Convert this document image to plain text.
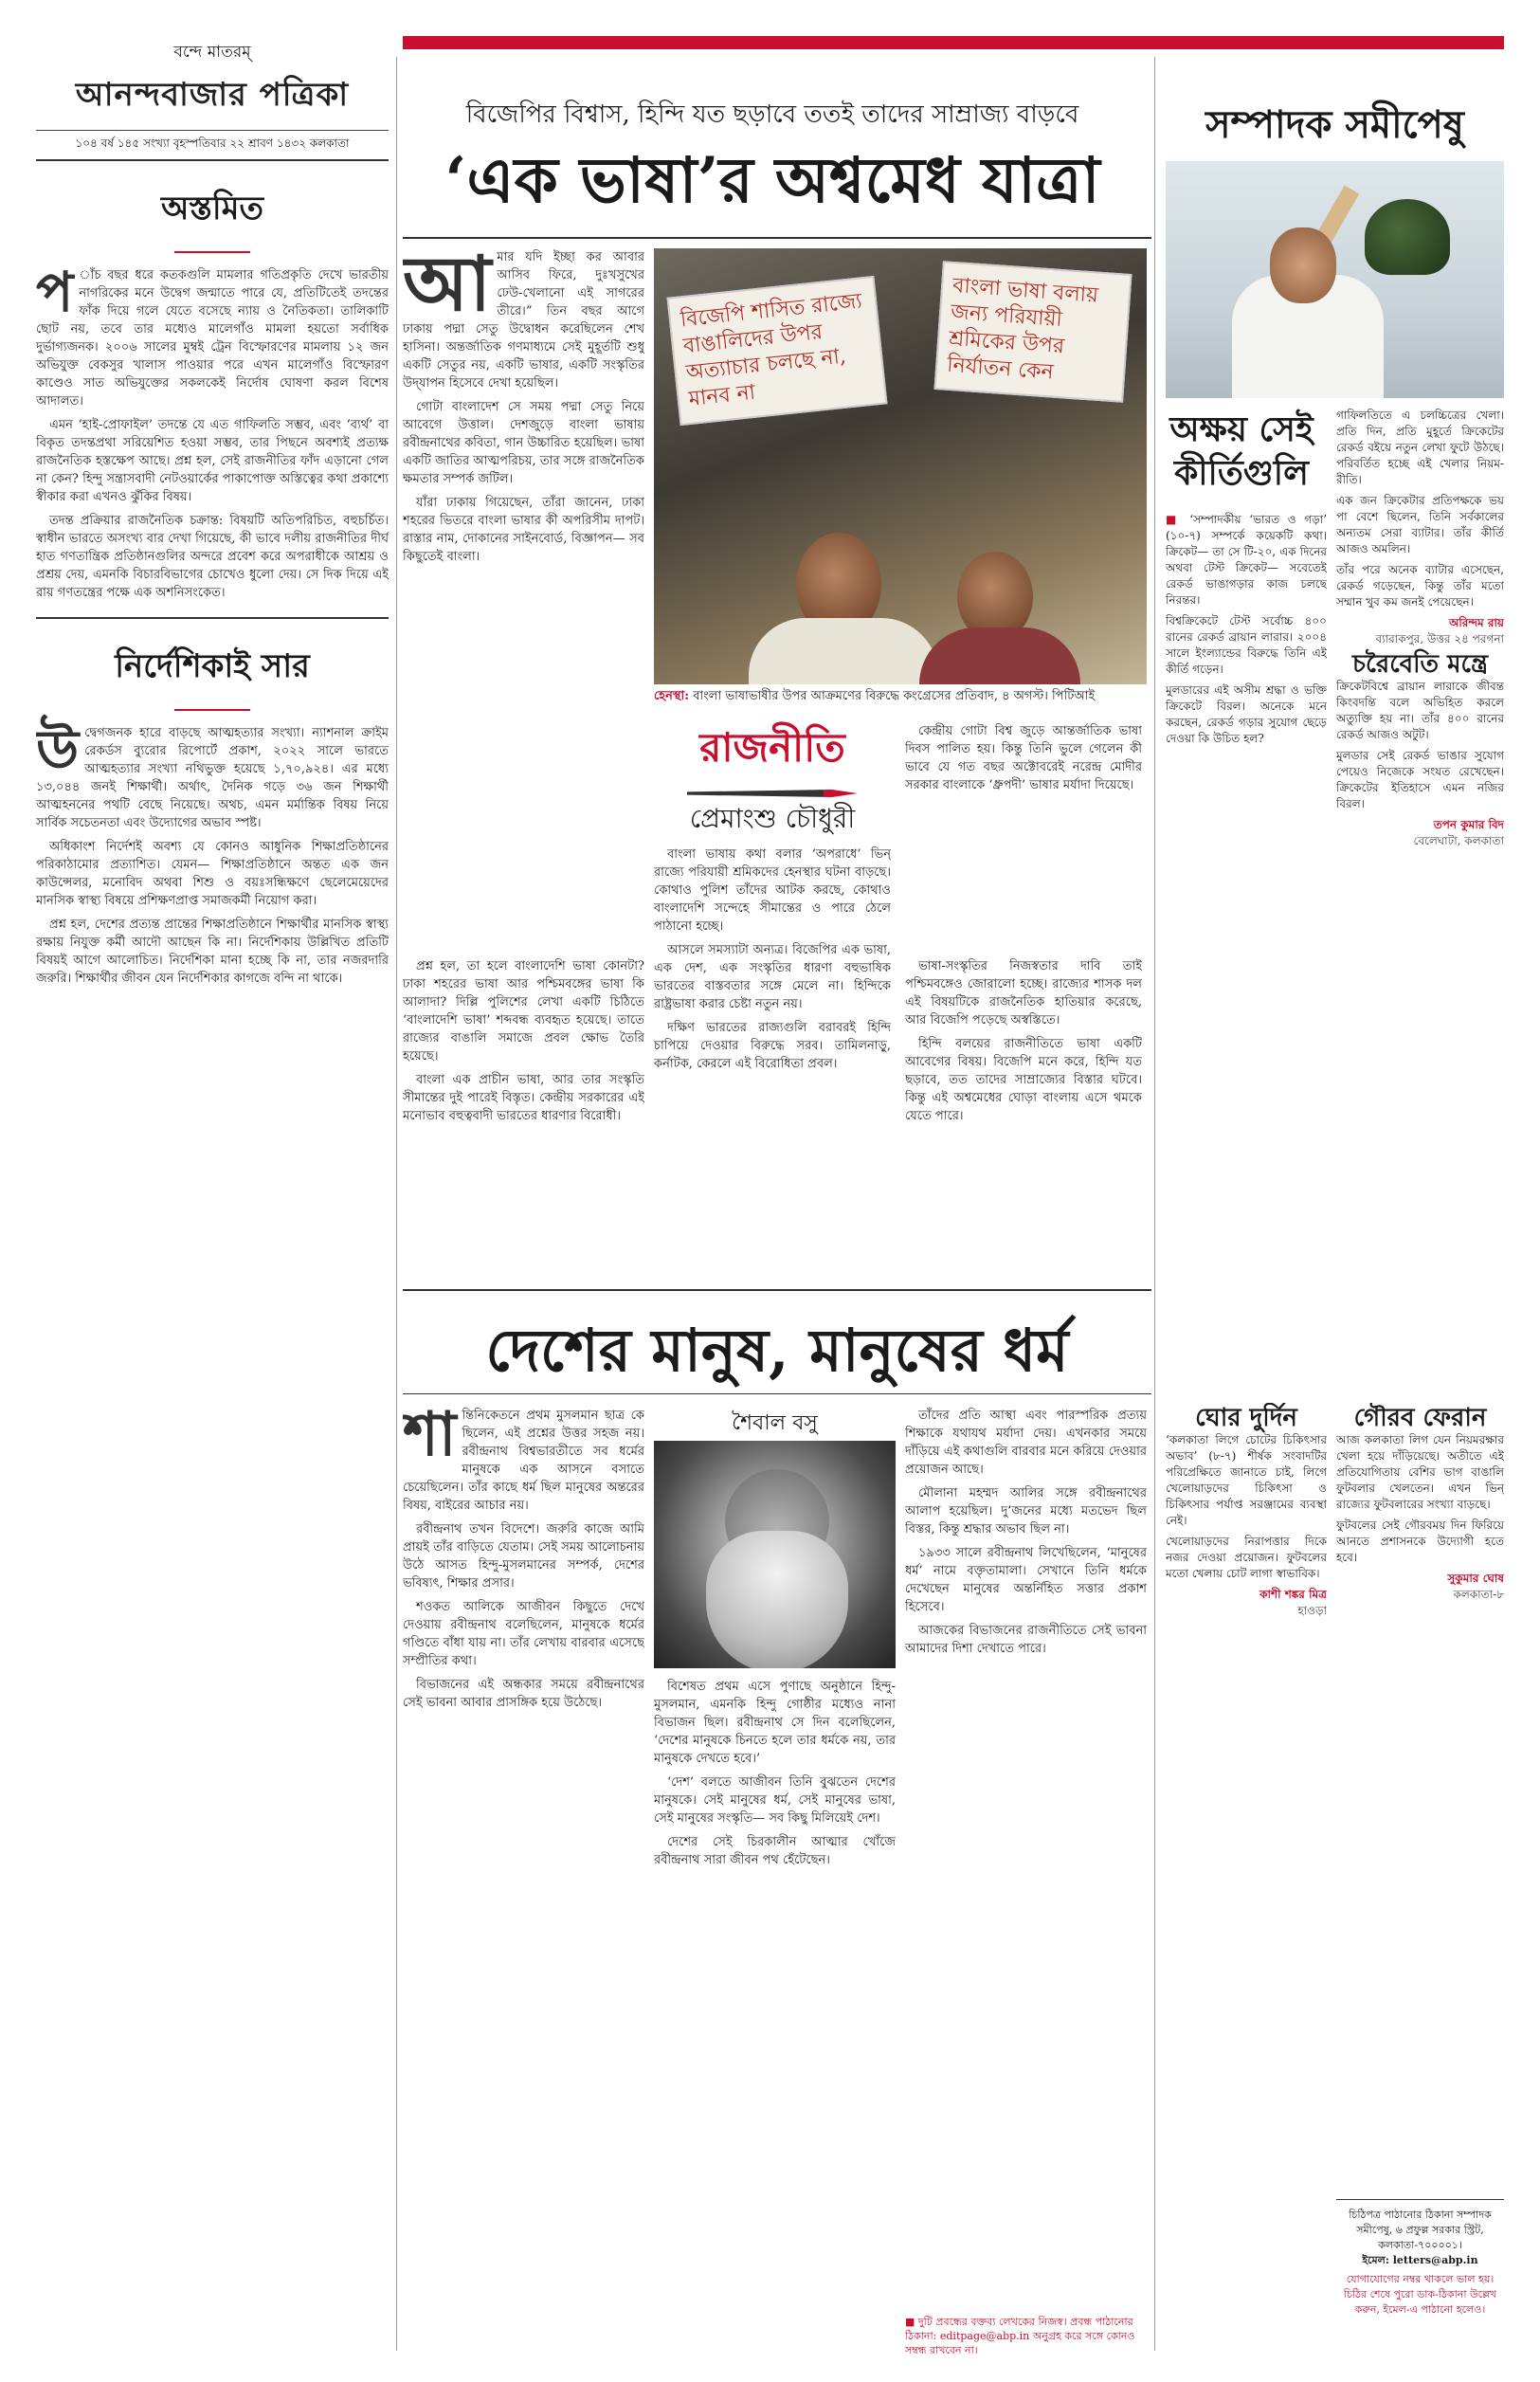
বন্দে মাতরম্
আনন্দবাজার পত্রিকা
১০৪ বর্ষ ১৪৫ সংখ্যা বৃহস্পতিবার ২২ শ্রাবণ ১৪৩২ কলকাতা
অস্তমিত
প াঁচ বছর ধরে কতকগুলি মামলার গতিপ্রকৃতি দেখে ভারতীয় নাগরিকের মনে উদ্বেগ জন্মাতে পারে যে, প্রতিটিতেই তদন্তের ফাঁক দিয়ে গলে যেতে বসেছে ন্যায় ও নৈতিকতা। তালিকাটি ছোট নয়, তবে তার মধ্যেও মালেগাঁও মামলা হয়তো সর্বাধিক দুর্ভাগ্যজনক। ২০০৬ সালের মুম্বই ট্রেন বিস্ফোরণের মামলায় ১২ জন অভিযুক্ত বেকসুর খালাস পাওয়ার পরে এখন মালেগাঁও বিস্ফোরণ কাণ্ডেও সাত অভিযুক্তের সকলকেই নির্দোষ ঘোষণা করল বিশেষ আদালত।

এমন ‘হাই-প্রোফাইল’ তদন্তে যে এত গাফিলতি সম্ভব, এবং ‘ব্যর্থ’ বা বিকৃত তদন্তপ্রথা সরিয়েশিত হওয়া সম্ভব, তার পিছনে অবশ্যই প্রত্যক্ষ রাজনৈতিক হস্তক্ষেপ আছে। প্রশ্ন হল, সেই রাজনীতির ফাঁদ এড়ানো গেল না কেন? হিন্দু সন্ত্রাসবাদী নেটওয়ার্কের পাকাপোক্ত অস্তিত্বের কথা প্রকাশ্যে স্বীকার করা এখনও ঝুঁকির বিষয়।

তদন্ত প্রক্রিয়ার রাজনৈতিক চক্রান্ত: বিষয়টি অতিপরিচিত, বহুচর্চিত। স্বাধীন ভারতে অসংখ্য বার দেখা গিয়েছে, কী ভাবে দলীয় রাজনীতির দীর্ঘ হাত গণতান্ত্রিক প্রতিষ্ঠানগুলির অন্দরে প্রবেশ করে অপরাধীকে আশ্রয় ও প্রশ্রয় দেয়, এমনকি বিচারবিভাগের চোখেও ধুলো দেয়। সে দিক দিয়ে এই রায় গণতন্ত্রের পক্ষে এক অশনিসংকেত।

নির্দেশিকাই সার
উ দ্বেগজনক হারে বাড়ছে আত্মহত্যার সংখ্যা। ন্যাশনাল ক্রাইম রেকর্ডস ব্যুরোর রিপোর্টে প্রকাশ, ২০২২ সালে ভারতে আত্মহত্যার সংখ্যা নথিভুক্ত হয়েছে ১,৭০,৯২৪। এর মধ্যে ১৩,০৪৪ জনই শিক্ষার্থী। অর্থাৎ, দৈনিক গড়ে ৩৬ জন শিক্ষার্থী আত্মহননের পথটি বেছে নিয়েছে। অথচ, এমন মর্মান্তিক বিষয় নিয়ে সার্বিক সচেতনতা এবং উদ্যোগের অভাব স্পষ্ট।

অধিকাংশ নির্দেশই অবশ্য যে কোনও আধুনিক শিক্ষাপ্রতিষ্ঠানের পরিকাঠামোর প্রত্যাশিত। যেমন— শিক্ষাপ্রতিষ্ঠানে অন্তত এক জন কাউন্সেলর, মনোবিদ অথবা শিশু ও বয়ঃসন্ধিক্ষণে ছেলেমেয়েদের মানসিক স্বাস্থ্য বিষয়ে প্রশিক্ষণপ্রাপ্ত সমাজকর্মী নিয়োগ করা।

প্রশ্ন হল, দেশের প্রত্যন্ত প্রান্তের শিক্ষাপ্রতিষ্ঠানে শিক্ষার্থীর মানসিক স্বাস্থ্য রক্ষায় নিযুক্ত কর্মী আদৌ আছেন কি না। নির্দেশিকায় উল্লিখিত প্রতিটি বিষয়ই আগে আলোচিত। নির্দেশিকা মানা হচ্ছে কি না, তার নজরদারি জরুরি। শিক্ষার্থীর জীবন যেন নির্দেশিকার কাগজে বন্দি না থাকে।

বিজেপির বিশ্বাস, হিন্দি যত ছড়াবে ততই তাদের সাম্রাজ্য বাড়বে
‘এক ভাষা’র অশ্বমেধ যাত্রা
আ মার যদি ইচ্ছা কর আবার আসিব ফিরে, দুঃখসুখের ঢেউ-খেলানো এই সাগরের তীরে।” তিন বছর আগে ঢাকায় পদ্মা সেতু উদ্বোধন করেছিলেন শেখ হাসিনা। অন্তর্জাতিক গণমাধ্যমে সেই মুহূর্তটি শুধু একটি সেতুর নয়, একটি ভাষার, একটি সংস্কৃতির উদ্‌যাপন হিসেবে দেখা হয়েছিল।

গোটা বাংলাদেশ সে সময় পদ্মা সেতু নিয়ে আবেগে উত্তাল। দেশজুড়ে বাংলা ভাষায় রবীন্দ্রনাথের কবিতা, গান উচ্চারিত হয়েছিল। ভাষা একটি জাতির আত্মপরিচয়, তার সঙ্গে রাজনৈতিক ক্ষমতার সম্পর্ক জটিল।

যাঁরা ঢাকায় গিয়েছেন, তাঁরা জানেন, ঢাকা শহরের ভিতরে বাংলা ভাষার কী অপরিসীম দাপট। রাস্তার নাম, দোকানের সাইনবোর্ড, বিজ্ঞাপন— সব কিছুতেই বাংলা।

বিজেপি শাসিত রাজ্যে বাঙালিদের উপর অত্যাচার চলছে না, মানব না
বাংলা ভাষা বলায় জন্য পরিযায়ী শ্রমিকের উপর নির্যাতন কেন
হেনস্থা: বাংলা ভাষাভাষীর উপর আক্রমণের বিরুদ্ধে কংগ্রেসের প্রতিবাদ, ৪ অগস্ট। পিটিআই
রাজনীতি
প্রেমাংশু চৌধুরী

কেন্দ্রীয় গোটা বিশ্ব জুড়ে আন্তর্জাতিক ভাষা দিবস পালিত হয়। কিন্তু তিনি ভুলে গেলেন কী ভাবে যে গত বছর অক্টোবরেই নরেন্দ্র মোদীর সরকার বাংলাকে ‘ধ্রুপদী’ ভাষার মর্যাদা দিয়েছে।

বাংলা ভাষায় কথা বলার ‘অপরাধে’ ভিন্ রাজ্যে পরিযায়ী শ্রমিকদের হেনস্থার ঘটনা বাড়ছে। কোথাও পুলিশ তাঁদের আটক করছে, কোথাও বাংলাদেশি সন্দেহে সীমান্তের ও পারে ঠেলে পাঠানো হচ্ছে।

আসলে সমস্যাটা অন্যত্র। বিজেপির এক ভাষা, এক দেশ, এক সংস্কৃতির ধারণা বহুভাষিক ভারতের বাস্তবতার সঙ্গে মেলে না। হিন্দিকে রাষ্ট্রভাষা করার চেষ্টা নতুন নয়।

দক্ষিণ ভারতের রাজ্যগুলি বরাবরই হিন্দি চাপিয়ে দেওয়ার বিরুদ্ধে সরব। তামিলনাড়ু, কর্নাটক, কেরলে এই বিরোধিতা প্রবল।

প্রশ্ন হল, তা হলে বাংলাদেশি ভাষা কোনটা? ঢাকা শহরের ভাষা আর পশ্চিমবঙ্গের ভাষা কি আলাদা? দিল্লি পুলিশের লেখা একটি চিঠিতে ‘বাংলাদেশি ভাষা’ শব্দবন্ধ ব্যবহৃত হয়েছে। তাতে রাজ্যের বাঙালি সমাজে প্রবল ক্ষোভ তৈরি হয়েছে।

বাংলা এক প্রাচীন ভাষা, আর তার সংস্কৃতি সীমান্তের দুই পারেই বিস্তৃত। কেন্দ্রীয় সরকারের এই মনোভাব বহুত্ববাদী ভারতের ধারণার বিরোধী।

ভাষা-সংস্কৃতির নিজস্বতার দাবি তাই পশ্চিমবঙ্গেও জোরালো হচ্ছে। রাজ্যের শাসক দল এই বিষয়টিকে রাজনৈতিক হাতিয়ার করেছে, আর বিজেপি পড়েছে অস্বস্তিতে।

হিন্দি বলয়ের রাজনীতিতে ভাষা একটি আবেগের বিষয়। বিজেপি মনে করে, হিন্দি যত ছড়াবে, তত তাদের সাম্রাজ্যের বিস্তার ঘটবে। কিন্তু এই অশ্বমেধের ঘোড়া বাংলায় এসে থমকে যেতে পারে।

দেশের মানুষ, মানুষের ধর্ম
শা ন্তিনিকেতনে প্রথম মুসলমান ছাত্র কে ছিলেন, এই প্রশ্নের উত্তর সহজ নয়। রবীন্দ্রনাথ বিশ্বভারতীতে সব ধর্মের মানুষকে এক আসনে বসাতে চেয়েছিলেন। তাঁর কাছে ধর্ম ছিল মানুষের অন্তরের বিষয়, বাইরের আচার নয়।

রবীন্দ্রনাথ তখন বিদেশে। জরুরি কাজে আমি প্রায়ই তাঁর বাড়িতে যেতাম। সেই সময় আলোচনায় উঠে আসত হিন্দু-মুসলমানের সম্পর্ক, দেশের ভবিষ্যৎ, শিক্ষার প্রসার।

শওকত আলিকে আজীবন কিছুতে দেখে দেওয়ায় রবীন্দ্রনাথ বলেছিলেন, মানুষকে ধর্মের গণ্ডিতে বাঁধা যায় না। তাঁর লেখায় বারবার এসেছে সম্প্রীতির কথা।

বিভাজনের এই অন্ধকার সময়ে রবীন্দ্রনাথের সেই ভাবনা আবার প্রাসঙ্গিক হয়ে উঠেছে।

শৈবাল বসু

বিশেষত প্রথম এসে পুণাছে অনুষ্ঠানে হিন্দু-মুসলমান, এমনকি হিন্দু গোষ্ঠীর মধ্যেও নানা বিভাজন ছিল। রবীন্দ্রনাথ সে দিন বলেছিলেন, ‘দেশের মানুষকে চিনতে হলে তার ধর্মকে নয়, তার মানুষকে দেখতে হবে।’

‘দেশ’ বলতে আজীবন তিনি বুঝতেন দেশের মানুষকে। সেই মানুষের ধর্ম, সেই মানুষের ভাষা, সেই মানুষের সংস্কৃতি— সব কিছু মিলিয়েই দেশ।

দেশের সেই চিরকালীন আত্মার খোঁজে রবীন্দ্রনাথ সারা জীবন পথ হেঁটেছেন।

তাঁদের প্রতি আস্থা এবং পারস্পরিক প্রত্যয় শিক্ষাকে যথাযথ মর্যাদা দেয়। এখনকার সময়ে দাঁড়িয়ে এই কথাগুলি বারবার মনে করিয়ে দেওয়ার প্রয়োজন আছে।

মৌলানা মহম্মদ আলির সঙ্গে রবীন্দ্রনাথের আলাপ হয়েছিল। দু’জনের মধ্যে মতভেদ ছিল বিস্তর, কিন্তু শ্রদ্ধার অভাব ছিল না।

১৯৩৩ সালে রবীন্দ্রনাথ লিখেছিলেন, ‘মানুষের ধর্ম’ নামে বক্তৃতামালা। সেখানে তিনি ধর্মকে দেখেছেন মানুষের অন্তর্নিহিত সত্তার প্রকাশ হিসেবে।

আজকের বিভাজনের রাজনীতিতে সেই ভাবনা আমাদের দিশা দেখাতে পারে।

■ দুটি প্রবন্ধের বক্তব্য লেখকের নিজস্ব। প্রবন্ধ পাঠানোর ঠিকানা: editpage@abp.in অনুগ্রহ করে সঙ্গে কোনও সম্বন্ধ রাখবেন না।
সম্পাদক সমীপেষু
অক্ষয় সেই কীর্তিগুলি

■ ‘সম্পাদকীয় ‘ভারত ও গড়া’ (১০-৭) সম্পর্কে কয়েকটি কথা। ক্রিকেট— তা সে টি-২০, এক দিনের অথবা টেস্ট ক্রিকেট— সবেতেই রেকর্ড ভাঙাগড়ার কাজ চলছে নিরন্তর।

বিশ্বক্রিকেটে টেস্ট সর্বোচ্চ ৪০০ রানের রেকর্ড ব্রায়ান লারার। ২০০৪ সালে ইংল্যান্ডের বিরুদ্ধে তিনি এই কীর্তি গড়েন।

মুলডারের এই অসীম শ্রদ্ধা ও ভক্তি ক্রিকেটে বিরল। অনেকে মনে করছেন, রেকর্ড গড়ার সুযোগ ছেড়ে দেওয়া কি উচিত হল?

গাফিলতিতে এ চলচ্চিত্রের খেলা। প্রতি দিন, প্রতি মুহূর্তে ক্রিকেটের রেকর্ড বইয়ে নতুন লেখা ফুটে উঠছে। পরিবর্তিত হচ্ছে এই খেলার নিয়ম-রীতি।

এক জন ক্রিকেটার প্রতিপক্ষকে ভয় পা বেশে ছিলেন, তিনি সর্বকালের অন্যতম সেরা ব্যাটার। তাঁর কীর্তি আজও অমলিন।

তাঁর পরে অনেক ব্যাটার এসেছেন, রেকর্ড গড়েছেন, কিন্তু তাঁর মতো সম্মান খুব কম জনই পেয়েছেন।

অরিন্দম রায়
ব্যারাকপুর, উত্তর ২৪ পরগনা
চরৈবেতি মন্ত্রে

ক্রিকেটবিশ্বে ব্রায়ান লারাকে জীবন্ত কিংবদন্তি বলে অভিহিত করলে অত্যুক্তি হয় না। তাঁর ৪০০ রানের রেকর্ড আজও অটুট।

মুলডার সেই রেকর্ড ভাঙার সুযোগ পেয়েও নিজেকে সংযত রেখেছেন। ক্রিকেটের ইতিহাসে এমন নজির বিরল।

তপন কুমার বিদ
বেলেঘাটা, কলকাতা
ঘোর দুর্দিন

‘কলকাতা লিগে চোটের চিকিৎসার অভাব’ (৮-৭) শীর্ষক সংবাদটির পরিপ্রেক্ষিতে জানাতে চাই, লিগে খেলোয়াড়দের চিকিৎসা ও চিকিৎসার পর্যাপ্ত সরঞ্জামের ব্যবস্থা নেই।

খেলোয়াড়দের নিরাপত্তার দিকে নজর দেওয়া প্রয়োজন। ফুটবলের মতো খেলায় চোট লাগা স্বাভাবিক।

কাশী শঙ্কর মিত্র
হাওড়া
গৌরব ফেরান

আজ কলকাতা লিগ যেন নিয়মরক্ষার খেলা হয়ে দাঁড়িয়েছে। অতীতে এই প্রতিযোগিতায় বেশির ভাগ বাঙালি ফুটবলার খেলতেন। এখন ভিন্ রাজ্যের ফুটবলারের সংখ্যা বাড়ছে।

ফুটবলের সেই গৌরবময় দিন ফিরিয়ে আনতে প্রশাসনকে উদ্যোগী হতে হবে।

সুকুমার ঘোষ
কলকাতা-৮
চিঠিপত্র পাঠানোর ঠিকানা সম্পাদক সমীপেষু, ৬ প্রফুল্ল সরকার স্ট্রিট, কলকাতা-৭০০০০১।
ইমেল: letters@abp.in
যোগাযোগের নম্বর থাকলে ভাল হয়। চিঠির শেষে পুরো ডাক-ঠিকানা উল্লেখ করুন, ইমেল-এ পাঠানো হলেও।
